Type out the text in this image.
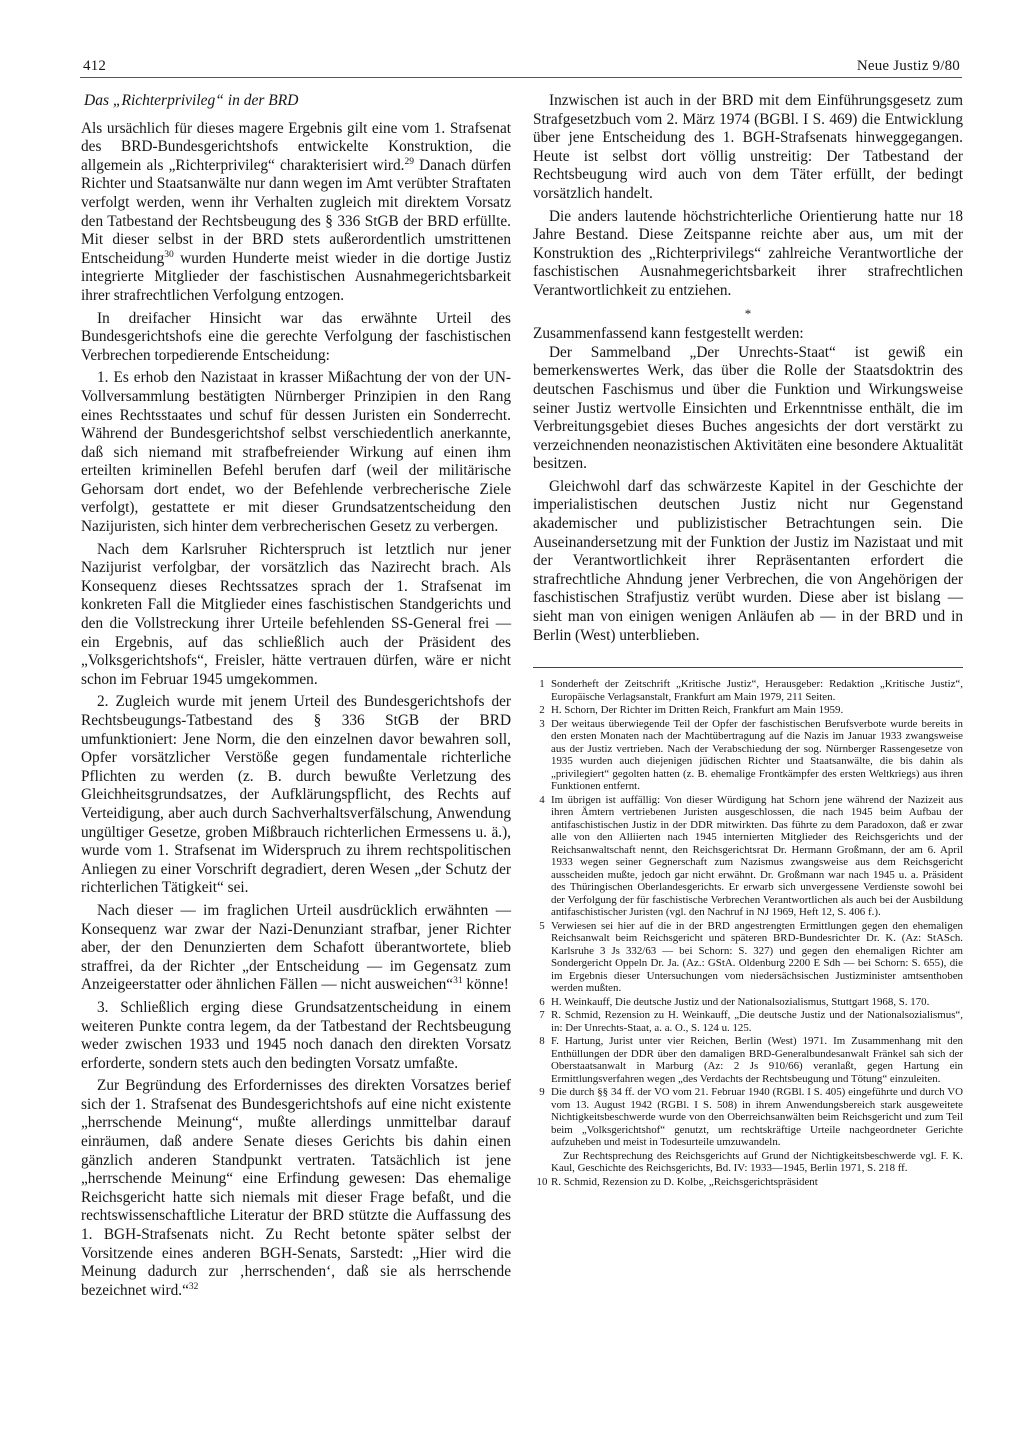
412	Neue Justiz 9/80

Das „Richterprivileg“ in der BRD

Als ursächlich für dieses magere Ergebnis gilt eine vom 1. Strafsenat des BRD-Bundesgerichtshofs entwickelte Konstruktion, die allgemein als „Richterprivileg“ charakterisiert wird.$^{29}$ Danach dürfen Richter und Staatsanwälte nur dann wegen im Amt verübter Straftaten verfolgt werden, wenn ihr Verhalten zugleich mit direktem Vorsatz den Tatbestand der Rechtsbeugung des § 336 StGB der BRD erfüllte. Mit dieser selbst in der BRD stets außerordentlich umstrittenen Entscheidung$^{30}$ wurden Hunderte meist wieder in die dortige Justiz integrierte Mitglieder der faschistischen Ausnahmegerichtsbarkeit ihrer strafrechtlichen Verfolgung entzogen.

In dreifacher Hinsicht war das erwähnte Urteil des Bundesgerichtshofs eine die gerechte Verfolgung der faschistischen Verbrechen torpedierende Entscheidung:

1. Es erhob den Nazistaat in krasser Mißachtung der von der UN-Vollversammlung bestätigten Nürnberger Prinzipien in den Rang eines Rechtsstaates und schuf für dessen Juristen ein Sonderrecht. Während der Bundesgerichtshof selbst verschiedentlich anerkannte, daß sich niemand mit strafbefreiender Wirkung auf einen ihm erteilten kriminellen Befehl berufen darf (weil der militärische Gehorsam dort endet, wo der Befehlende verbrecherische Ziele verfolgt), gestattete er mit dieser Grundsatzentscheidung den Nazijuristen, sich hinter dem verbrecherischen Gesetz zu verbergen.

Nach dem Karlsruher Richterspruch ist letztlich nur jener Nazijurist verfolgbar, der vorsätzlich das Nazirecht brach. Als Konsequenz dieses Rechtssatzes sprach der 1. Strafsenat im konkreten Fall die Mitglieder eines faschistischen Standgerichts und den die Vollstreckung ihrer Urteile befehlenden SS-General frei — ein Ergebnis, auf das schließlich auch der Präsident des „Volksgerichtshofs“, Freisler, hätte vertrauen dürfen, wäre er nicht schon im Februar 1945 umgekommen.

2. Zugleich wurde mit jenem Urteil des Bundesgerichtshofs der Rechtsbeugungs-Tatbestand des § 336 StGB der BRD umfunktioniert: Jene Norm, die den einzelnen davor bewahren soll, Opfer vorsätzlicher Verstöße gegen fundamentale richterliche Pflichten zu werden (z. B. durch bewußte Verletzung des Gleichheitsgrundsatzes, der Aufklärungspflicht, des Rechts auf Verteidigung, aber auch durch Sachverhaltsverfälschung, Anwendung ungültiger Gesetze, groben Mißbrauch richterlichen Ermessens u. ä.), wurde vom 1. Strafsenat im Widerspruch zu ihrem rechtspolitischen Anliegen zu einer Vorschrift degradiert, deren Wesen „der Schutz der richterlichen Tätigkeit“ sei.

Nach dieser — im fraglichen Urteil ausdrücklich erwähnten — Konsequenz war zwar der Nazi-Denunziant strafbar, jener Richter aber, der den Denunzierten dem Schafott überantwortete, blieb straffrei, da der Richter „der Entscheidung — im Gegensatz zum Anzeigeerstatter oder ähnlichen Fällen — nicht ausweichen“$^{31}$ könne!

3. Schließlich erging diese Grundsatzentscheidung in einem weiteren Punkte contra legem, da der Tatbestand der Rechtsbeugung weder zwischen 1933 und 1945 noch danach den direkten Vorsatz erforderte, sondern stets auch den bedingten Vorsatz umfaßte.

Zur Begründung des Erfordernisses des direkten Vorsatzes berief sich der 1. Strafsenat des Bundesgerichtshofs auf eine nicht existente „herrschende Meinung“, mußte allerdings unmittelbar darauf einräumen, daß andere Senate dieses Gerichts bis dahin einen gänzlich anderen Standpunkt vertraten. Tatsächlich ist jene „herrschende Meinung“ eine Erfindung gewesen: Das ehemalige Reichsgericht hatte sich niemals mit dieser Frage befaßt, und die rechtswissenschaftliche Literatur der BRD stützte die Auffassung des 1. BGH-Strafsenats nicht. Zu Recht betonte später selbst der Vorsitzende eines anderen BGH-Senats, Sarstedt: „Hier wird die Meinung dadurch zur ‚herrschenden‘, daß sie als herrschende bezeichnet wird.“$^{32}$

Inzwischen ist auch in der BRD mit dem Einführungsgesetz zum Strafgesetzbuch vom 2. März 1974 (BGBl. I S. 469) die Entwicklung über jene Entscheidung des 1. BGH-Strafsenats hinweggegangen. Heute ist selbst dort völlig unstreitig: Der Tatbestand der Rechtsbeugung wird auch von dem Täter erfüllt, der bedingt vorsätzlich handelt.

Die anders lautende höchstrichterliche Orientierung hatte nur 18 Jahre Bestand. Diese Zeitspanne reichte aber aus, um mit der Konstruktion des „Richterprivilegs“ zahlreiche Verantwortliche der faschistischen Ausnahmegerichtsbarkeit ihrer strafrechtlichen Verantwortlichkeit zu entziehen.

*

Zusammenfassend kann festgestellt werden:

Der Sammelband „Der Unrechts-Staat“ ist gewiß ein bemerkenswertes Werk, das über die Rolle der Staatsdoktrin des deutschen Faschismus und über die Funktion und Wirkungsweise seiner Justiz wertvolle Einsichten und Erkenntnisse enthält, die im Verbreitungsgebiet dieses Buches angesichts der dort verstärkt zu verzeichnenden neonazistischen Aktivitäten eine besondere Aktualität besitzen.

Gleichwohl darf das schwärzeste Kapitel in der Geschichte der imperialistischen deutschen Justiz nicht nur Gegenstand akademischer und publizistischer Betrachtungen sein. Die Auseinandersetzung mit der Funktion der Justiz im Nazistaat und mit der Verantwortlichkeit ihrer Repräsentanten erfordert die strafrechtliche Ahndung jener Verbrechen, die von Angehörigen der faschistischen Strafjustiz verübt wurden. Diese aber ist bislang — sieht man von einigen wenigen Anläufen ab — in der BRD und in Berlin (West) unterblieben.

1 Sonderheft der Zeitschrift „Kritische Justiz“, Herausgeber: Redaktion „Kritische Justiz“, Europäische Verlagsanstalt, Frankfurt am Main 1979, 211 Seiten.
2 H. Schorn, Der Richter im Dritten Reich, Frankfurt am Main 1959.
3 Der weitaus überwiegende Teil der Opfer der faschistischen Berufsverbote wurde bereits in den ersten Monaten nach der Machtübertragung auf die Nazis im Januar 1933 zwangsweise aus der Justiz vertrieben. Nach der Verabschiedung der sog. Nürnberger Rassengesetze von 1935 wurden auch diejenigen jüdischen Richter und Staatsanwälte, die bis dahin als „privilegiert“ gegolten hatten (z. B. ehemalige Frontkämpfer des ersten Weltkriegs) aus ihren Funktionen entfernt.
4 Im übrigen ist auffällig: Von dieser Würdigung hat Schorn jene während der Nazizeit aus ihren Ämtern vertriebenen Juristen ausgeschlossen, die nach 1945 beim Aufbau der antifaschistischen Justiz in der DDR mitwirkten. Das führte zu dem Paradoxon, daß er zwar alle von den Alliierten nach 1945 internierten Mitglieder des Reichsgerichts und der Reichsanwaltschaft nennt, den Reichsgerichtsrat Dr. Hermann Großmann, der am 6. April 1933 wegen seiner Gegnerschaft zum Nazismus zwangsweise aus dem Reichsgericht ausscheiden mußte, jedoch gar nicht erwähnt. Dr. Großmann war nach 1945 u. a. Präsident des Thüringischen Oberlandesgerichts. Er erwarb sich unvergessene Verdienste sowohl bei der Verfolgung der für faschistische Verbrechen Verantwortlichen als auch bei der Ausbildung antifaschistischer Juristen (vgl. den Nachruf in NJ 1969, Heft 12, S. 406 f.).
5 Verwiesen sei hier auf die in der BRD angestrengten Ermittlungen gegen den ehemaligen Reichsanwalt beim Reichsgericht und späteren BRD-Bundesrichter Dr. K. (Az: StASch. Karlsruhe 3 Js 332/63 — bei Schorn: S. 327) und gegen den ehemaligen Richter am Sondergericht Oppeln Dr. Ja. (Az.: GStA. Oldenburg 2200 E Sdh — bei Schorn: S. 655), die im Ergebnis dieser Untersuchungen vom niedersächsischen Justizminister amtsenthoben werden mußten.
6 H. Weinkauff, Die deutsche Justiz und der Nationalsozialismus, Stuttgart 1968, S. 170.
7 R. Schmid, Rezension zu H. Weinkauff, „Die deutsche Justiz und der Nationalsozialismus“, in: Der Unrechts-Staat, a. a. O., S. 124 u. 125.
8 F. Hartung, Jurist unter vier Reichen, Berlin (West) 1971. Im Zusammenhang mit den Enthüllungen der DDR über den damaligen BRD-Generalbundesanwalt Fränkel sah sich der Oberstaatsanwalt in Marburg (Az: 2 Js 910/66) veranlaßt, gegen Hartung ein Ermittlungsverfahren wegen „des Verdachts der Rechtsbeugung und Tötung“ einzuleiten.
9 Die durch §§ 34 ff. der VO vom 21. Februar 1940 (RGBl. I S. 405) eingeführte und durch VO vom 13. August 1942 (RGBl. I S. 508) in ihrem Anwendungsbereich stark ausgeweitete Nichtigkeitsbeschwerde wurde von den Oberreichsanwälten beim Reichsgericht und zum Teil beim „Volksgerichtshof“ genutzt, um rechtskräftige Urteile nachgeordneter Gerichte aufzuheben und meist in Todesurteile umzuwandeln.
Zur Rechtsprechung des Reichsgerichts auf Grund der Nichtigkeitsbeschwerde vgl. F. K. Kaul, Geschichte des Reichsgerichts, Bd. IV: 1933—1945, Berlin 1971, S. 218 ff.
10 R. Schmid, Rezension zu D. Kolbe, „Reichsgerichtspräsident
